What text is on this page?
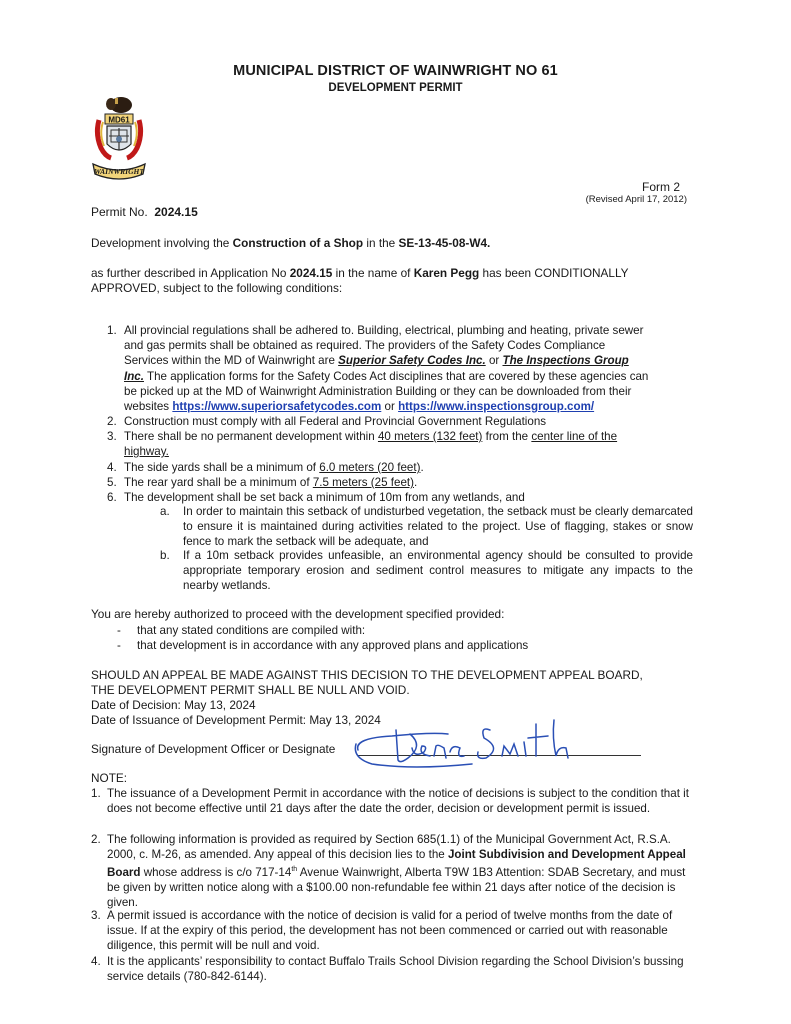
MUNICIPAL DISTRICT OF WAINWRIGHT NO 61
DEVELOPMENT PERMIT
MD61
WAINWRIGHT
Form 2
(Revised April 17, 2012)
Permit No. 2024.15

Development involving the Construction of a Shop in the SE-13-45-08-W4.

as further described in Application No 2024.15 in the name of Karen Pegg has been CONDITIONALLY

APPROVED, subject to the following conditions:

1. All provincial regulations shall be adhered to. Building, electrical, plumbing and heating, private sewer
and gas permits shall be obtained as required. The providers of the Safety Codes Compliance
Services within the MD of Wainwright are Superior Safety Codes Inc. or The Inspections Group
Inc. The application forms for the Safety Codes Act disciplines that are covered by these agencies can
be picked up at the MD of Wainwright Administration Building or they can be downloaded from their
websites https://www.superiorsafetycodes.com or https://www.inspectionsgroup.com/
2. Construction must comply with all Federal and Provincial Government Regulations
3. There shall be no permanent development within 40 meters (132 feet) from the center line of the
highway.
4. The side yards shall be a minimum of 6.0 meters (20 feet).
5. The rear yard shall be a minimum of 7.5 meters (25 feet).
6. The development shall be set back a minimum of 10m from any wetlands, and
a. In order to maintain this setback of undisturbed vegetation, the setback must be clearly demarcated to ensure it is maintained during activities related to the project. Use of flagging, stakes or snow fence to mark the setback will be adequate, and
b. If a 10m setback provides unfeasible, an environmental agency should be consulted to provide appropriate temporary erosion and sediment control measures to mitigate any impacts to the nearby wetlands.

You are hereby authorized to proceed with the development specified provided:

- that any stated conditions are compiled with:
- that development is in accordance with any approved plans and applications

SHOULD AN APPEAL BE MADE AGAINST THIS DECISION TO THE DEVELOPMENT APPEAL BOARD,

THE DEVELOPMENT PERMIT SHALL BE NULL AND VOID.

Date of Decision: May 13, 2024

Date of Issuance of Development Permit: May 13, 2024

Signature of Development Officer or Designate

Dana Smith

NOTE:

1. The issuance of a Development Permit in accordance with the notice of decisions is subject to the condition that it does not become effective until 21 days after the date the order, decision or development permit is issued.
2. The following information is provided as required by Section 685(1.1) of the Municipal Government Act, R.S.A. 2000, c. M-26, as amended. Any appeal of this decision lies to the Joint Subdivision and Development Appeal Board whose address is c/o 717-14th Avenue Wainwright, Alberta T9W 1B3 Attention: SDAB Secretary, and must be given by written notice along with a $100.00 non-refundable fee within 21 days after notice of the decision is given.
3. A permit issued is accordance with the notice of decision is valid for a period of twelve months from the date of issue. If at the expiry of this period, the development has not been commenced or carried out with reasonable diligence, this permit will be null and void.
4. It is the applicants’ responsibility to contact Buffalo Trails School Division regarding the School Division’s bussing service details (780-842-6144).
